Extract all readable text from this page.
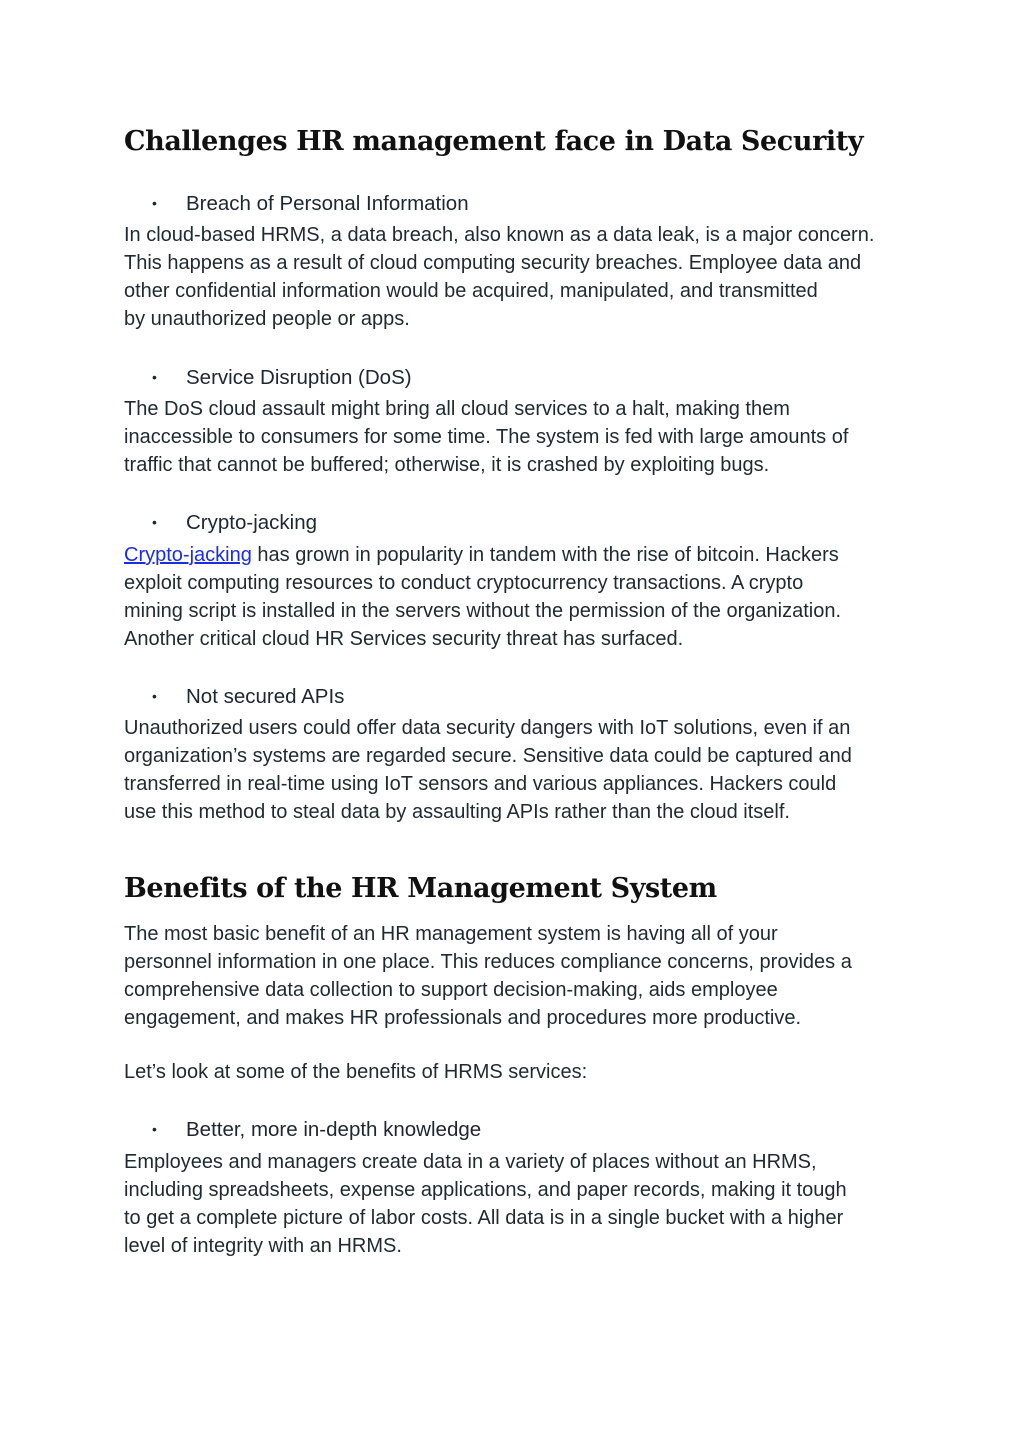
Challenges HR management face in Data Security

• Breach of Personal Information

In cloud-based HRMS, a data breach, also known as a data leak, is a major concern.
This happens as a result of cloud computing security breaches. Employee data and
other confidential information would be acquired, manipulated, and transmitted
by unauthorized people or apps.

• Service Disruption (DoS)

The DoS cloud assault might bring all cloud services to a halt, making them
inaccessible to consumers for some time. The system is fed with large amounts of
traffic that cannot be buffered; otherwise, it is crashed by exploiting bugs.

• Crypto-jacking

Crypto-jacking has grown in popularity in tandem with the rise of bitcoin. Hackers
exploit computing resources to conduct cryptocurrency transactions. A crypto
mining script is installed in the servers without the permission of the organization.
Another critical cloud HR Services security threat has surfaced.

• Not secured APIs

Unauthorized users could offer data security dangers with IoT solutions, even if an
organization’s systems are regarded secure. Sensitive data could be captured and
transferred in real-time using IoT sensors and various appliances. Hackers could
use this method to steal data by assaulting APIs rather than the cloud itself.

Benefits of the HR Management System

The most basic benefit of an HR management system is having all of your
personnel information in one place. This reduces compliance concerns, provides a
comprehensive data collection to support decision-making, aids employee
engagement, and makes HR professionals and procedures more productive.

Let’s look at some of the benefits of HRMS services:

• Better, more in-depth knowledge

Employees and managers create data in a variety of places without an HRMS,
including spreadsheets, expense applications, and paper records, making it tough
to get a complete picture of labor costs. All data is in a single bucket with a higher
level of integrity with an HRMS.
